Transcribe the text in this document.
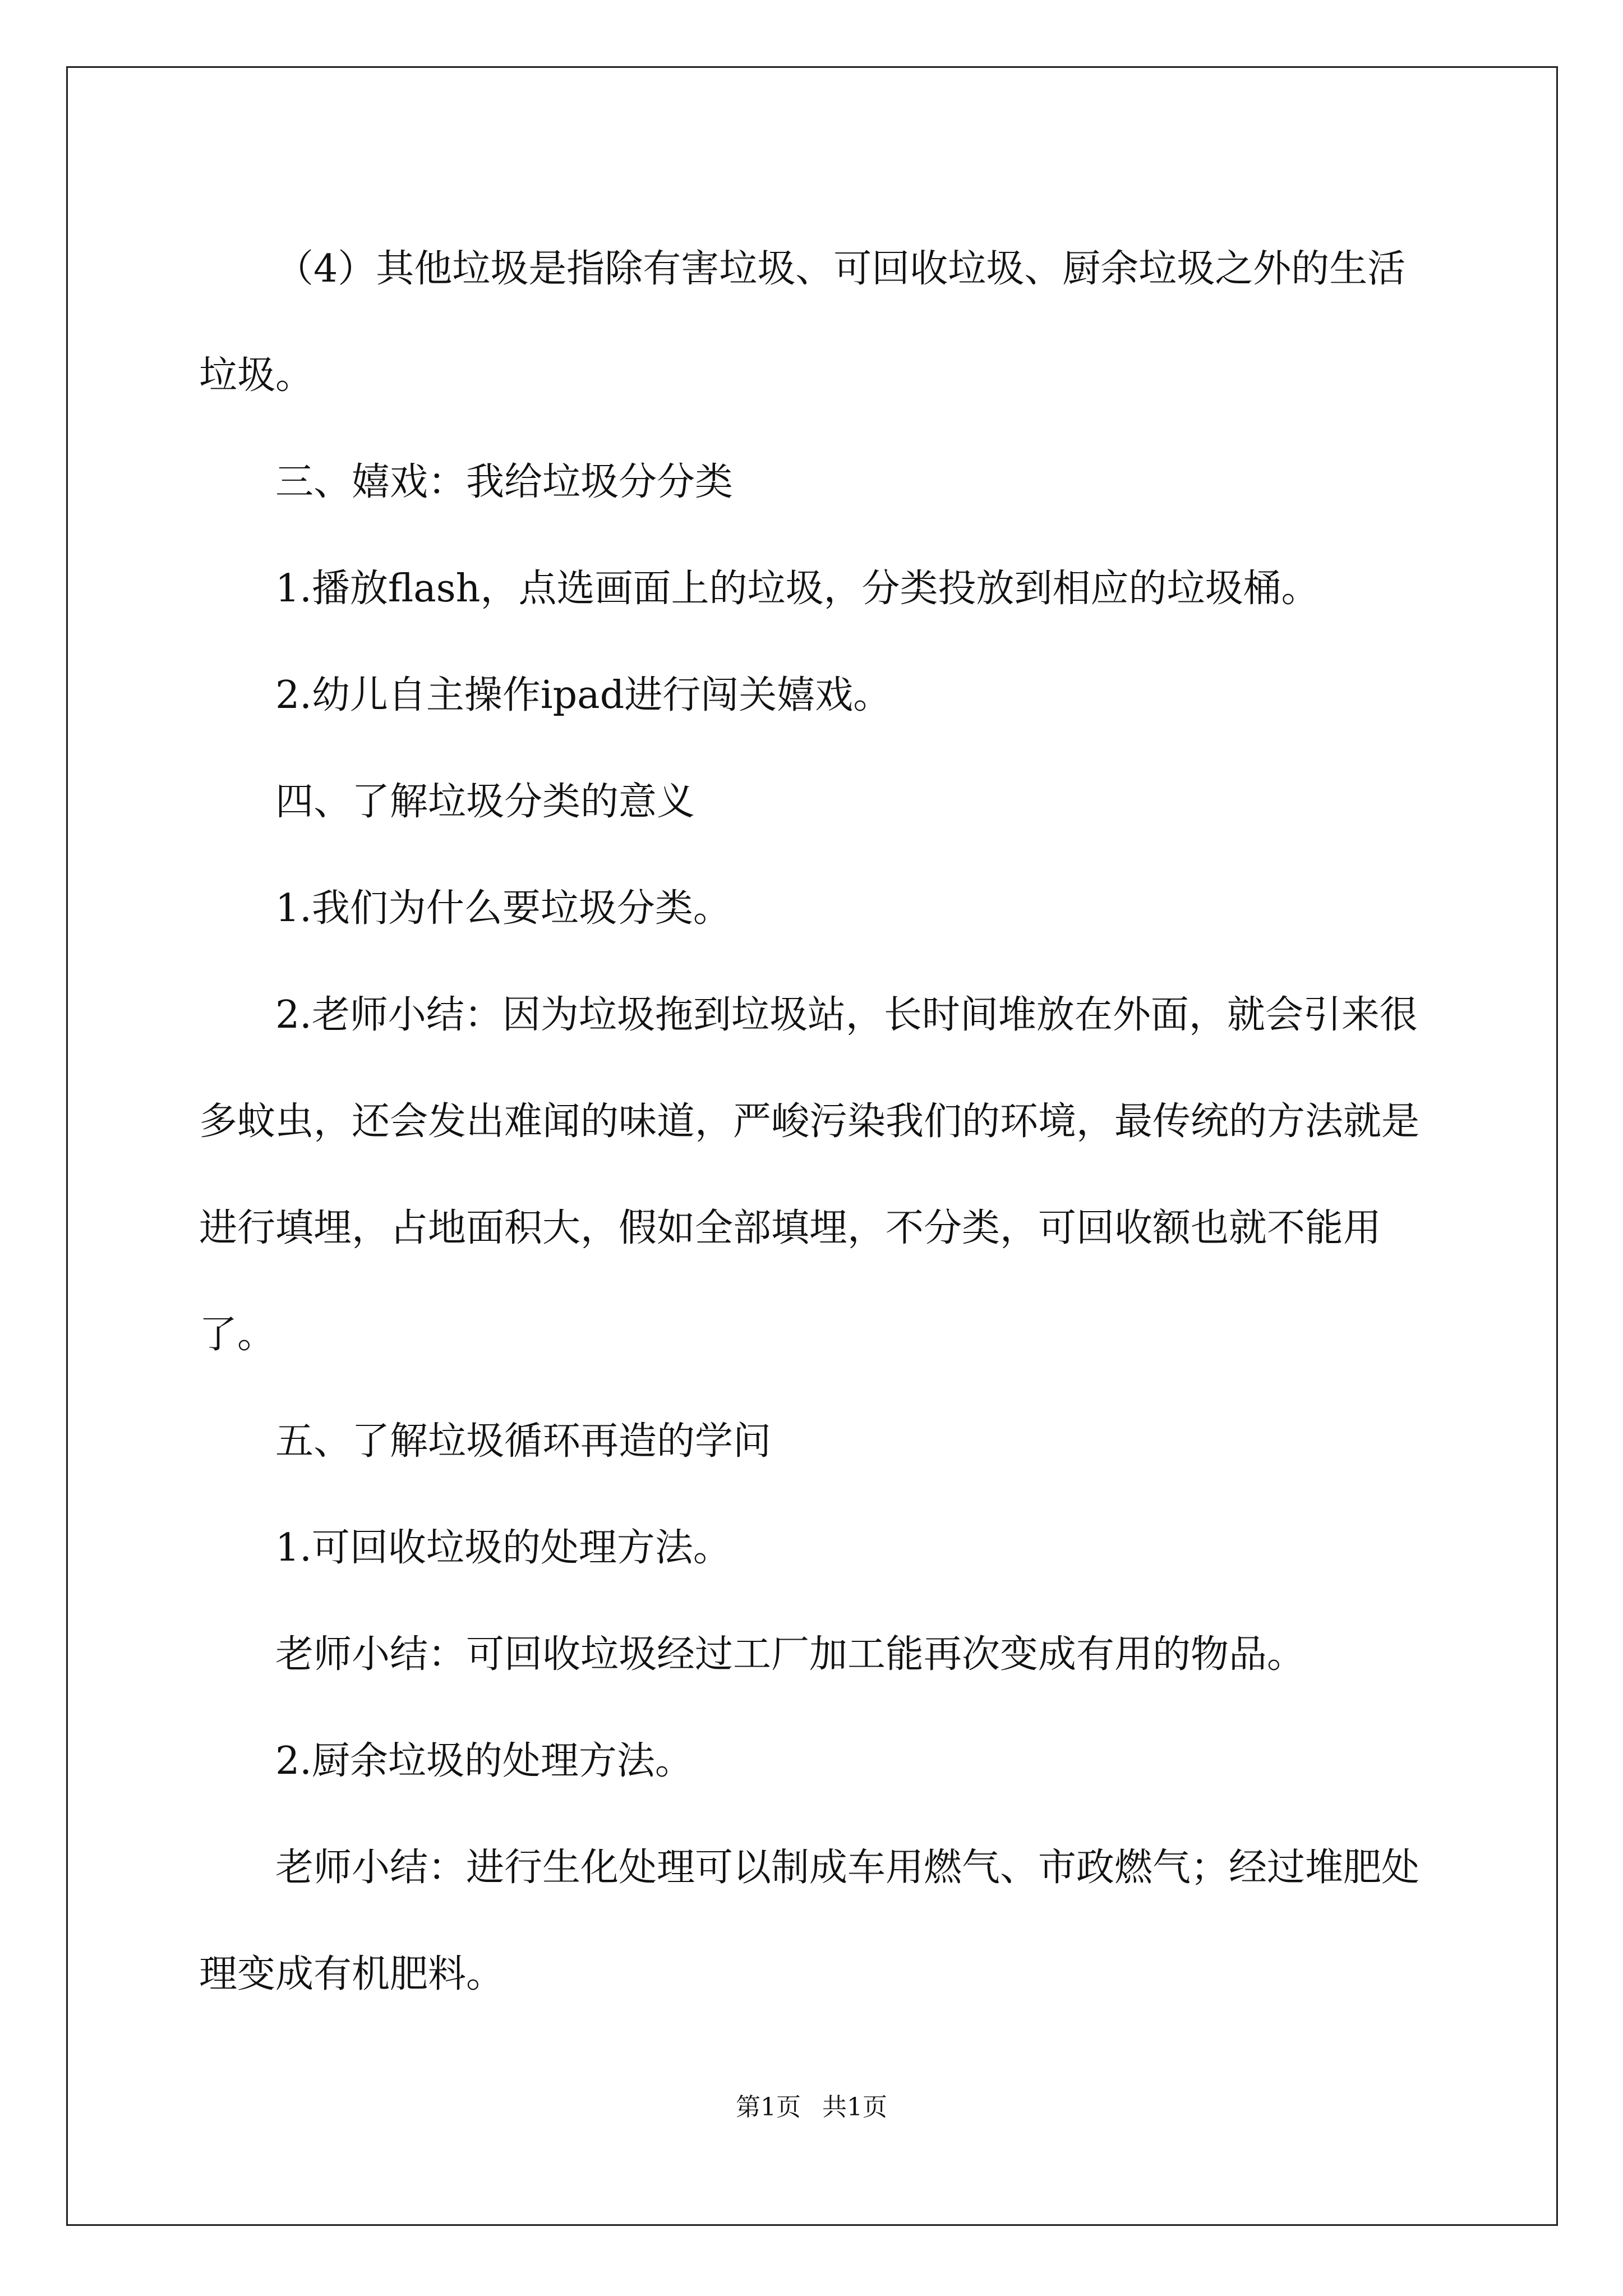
（4）其他垃圾是指除有害垃圾、可回收垃圾、厨余垃圾之外的生活垃圾。

三、嬉戏：我给垃圾分分类

1.播放flash，点选画面上的垃圾，分类投放到相应的垃圾桶。

2.幼儿自主操作ipad进行闯关嬉戏。

四、了解垃圾分类的意义

1.我们为什么要垃圾分类。

2.老师小结：因为垃圾拖到垃圾站，长时间堆放在外面，就会引来很多蚊虫，还会发出难闻的味道，严峻污染我们的环境，最传统的方法就是进行填埋，占地面积大，假如全部填埋，不分类，可回收额也就不能用了。

五、了解垃圾循环再造的学问

1.可回收垃圾的处理方法。

老师小结：可回收垃圾经过工厂加工能再次变成有用的物品。

2.厨余垃圾的处理方法。

老师小结：进行生化处理可以制成车用燃气、市政燃气；经过堆肥处理变成有机肥料。

第1页 共1页
